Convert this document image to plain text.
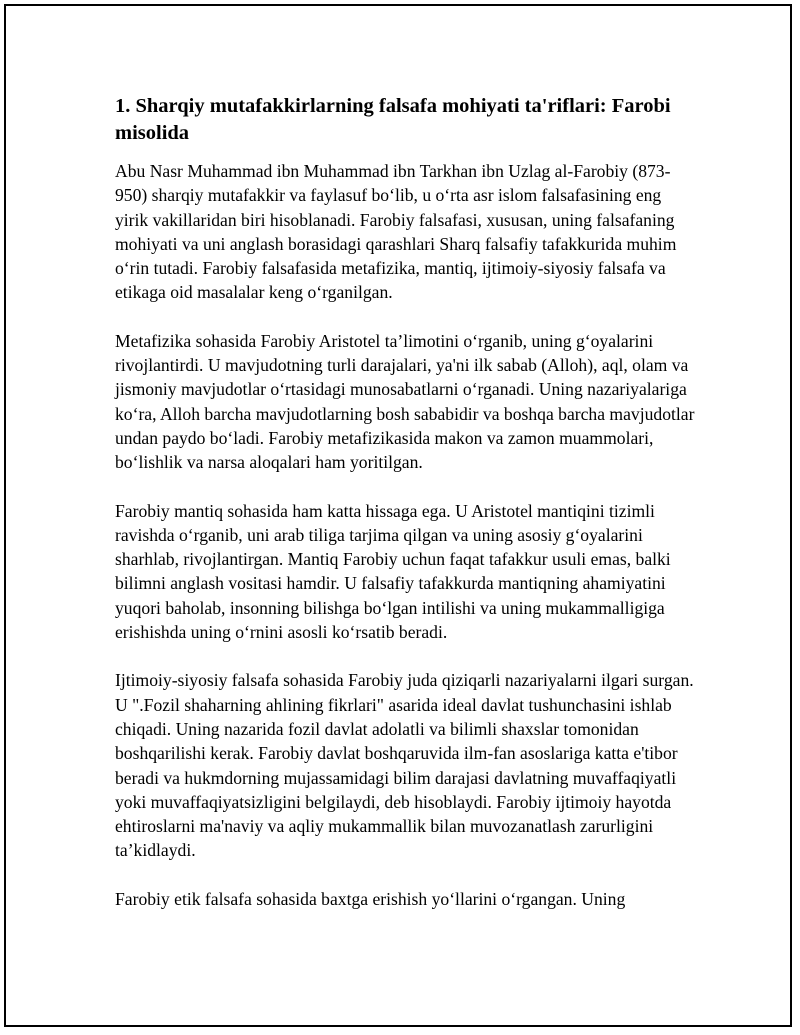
1. Sharqiy mutafakkirlarning falsafa mohiyati ta'riflari: Farobi misolida

Abu Nasr Muhammad ibn Muhammad ibn Tarkhan ibn Uzlag al-Farobiy (873-950) sharqiy mutafakkir va faylasuf bo‘lib, u o‘rta asr islom falsafasining eng yirik vakillaridan biri hisoblanadi. Farobiy falsafasi, xususan, uning falsafaning mohiyati va uni anglash borasidagi qarashlari Sharq falsafiy tafakkurida muhim o‘rin tutadi. Farobiy falsafasida metafizika, mantiq, ijtimoiy-siyosiy falsafa va etikaga oid masalalar keng o‘rganilgan.

Metafizika sohasida Farobiy Aristotel ta’limotini o‘rganib, uning g‘oyalarini rivojlantirdi. U mavjudotning turli darajalari, ya'ni ilk sabab (Alloh), aql, olam va jismoniy mavjudotlar o‘rtasidagi munosabatlarni o‘rganadi. Uning nazariyalariga ko‘ra, Alloh barcha mavjudotlarning bosh sababidir va boshqa barcha mavjudotlar undan paydo bo‘ladi. Farobiy metafizikasida makon va zamon muammolari, bo‘lishlik va narsa aloqalari ham yoritilgan.

Farobiy mantiq sohasida ham katta hissaga ega. U Aristotel mantiqini tizimli ravishda o‘rganib, uni arab tiliga tarjima qilgan va uning asosiy g‘oyalarini sharhlab, rivojlantirgan. Mantiq Farobiy uchun faqat tafakkur usuli emas, balki bilimni anglash vositasi hamdir. U falsafiy tafakkurda mantiqning ahamiyatini yuqori baholab, insonning bilishga bo‘lgan intilishi va uning mukammalligiga erishishda uning o‘rnini asosli ko‘rsatib beradi.

Ijtimoiy-siyosiy falsafa sohasida Farobiy juda qiziqarli nazariyalarni ilgari surgan. U ".Fozil shaharning ahlining fikrlari" asarida ideal davlat tushunchasini ishlab chiqadi. Uning nazarida fozil davlat adolatli va bilimli shaxslar tomonidan boshqarilishi kerak. Farobiy davlat boshqaruvida ilm-fan asoslariga katta e'tibor beradi va hukmdorning mujassamidagi bilim darajasi davlatning muvaffaqiyatli yoki muvaffaqiyatsizligini belgilaydi, deb hisoblaydi. Farobiy ijtimoiy hayotda ehtiroslarni ma'naviy va aqliy mukammallik bilan muvozanatlash zarurligini ta’kidlaydi.

Farobiy etik falsafa sohasida baxtga erishish yo‘llarini o‘rgangan. Uning
